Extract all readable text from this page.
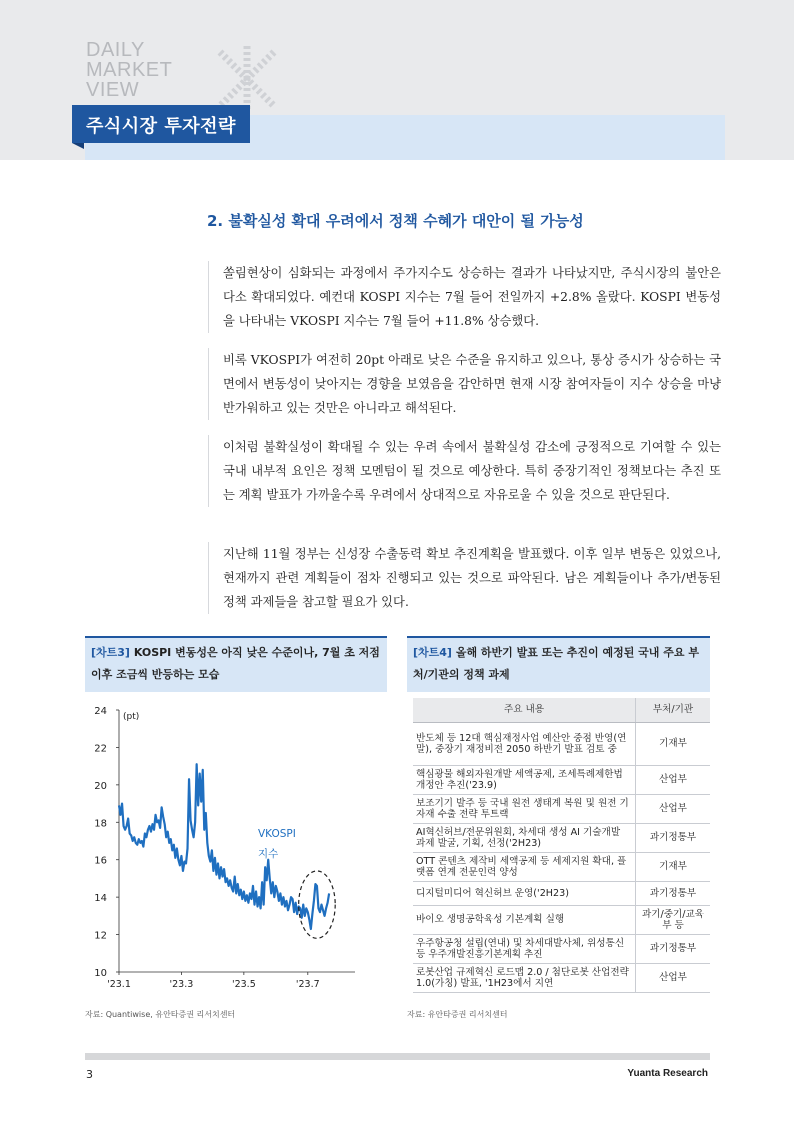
DAILY
MARKET
VIEW
주식시장 투자전략
2. 불확실성 확대 우려에서 정책 수혜가 대안이 될 가능성

쏠림현상이 심화되는 과정에서 주가지수도 상승하는 결과가 나타났지만, 주식시장의 불안은 다소 확대되었다. 예컨대 KOSPI 지수는 7월 들어 전일까지 +2.8% 올랐다. KOSPI 변동성을 나타내는 VKOSPI 지수는 7월 들어 +11.8% 상승했다.

비록 VKOSPI가 여전히 20pt 아래로 낮은 수준을 유지하고 있으나, 통상 증시가 상승하는 국면에서 변동성이 낮아지는 경향을 보였음을 감안하면 현재 시장 참여자들이 지수 상승을 마냥 반가워하고 있는 것만은 아니라고 해석된다.

이처럼 불확실성이 확대될 수 있는 우려 속에서 불확실성 감소에 긍정적으로 기여할 수 있는 국내 내부적 요인은 정책 모멘텀이 될 것으로 예상한다. 특히 중장기적인 정책보다는 추진 또는 계획 발표가 가까울수록 우려에서 상대적으로 자유로울 수 있을 것으로 판단된다.

지난해 11월 정부는 신성장 수출동력 확보 추진계획을 발표했다. 이후 일부 변동은 있었으나, 현재까지 관련 계획들이 점차 진행되고 있는 것으로 파악된다. 남은 계획들이나 추가/변동된 정책 과제들을 참고할 필요가 있다.

[차트3] KOSPI 변동성은 아직 낮은 수준이나, 7월 초 저점 이후 조금씩 반등하는 모습
10
12
14
16
18
20
22
24
'23.1	'23.3	'23.5	'23.7
(pt)
VKOSPI
지수
자료: Quantiwise, 유안타증권 리서치센터
[차트4] 올해 하반기 발표 또는 추진이 예정된 국내 주요 부처/기관의 정책 과제
주요 내용	부처/기관
반도체 등 12대 핵심재정사업 예산안 중점 반영(연말), 중장기 재정비전 2050 하반기 발표 검토 중	기재부
핵심광물 해외자원개발 세액공제, 조세특례제한법 개정안 추진('23.9)	산업부
보조기기 발주 등 국내 원전 생태계 복원 및 원전 기자재 수출 전략 투트랙	산업부
AI혁신허브/전문위원회, 차세대 생성 AI 기술개발 과제 발굴, 기획, 선정('2H23)	과기정통부
OTT 콘텐츠 제작비 세액공제 등 세제지원 확대, 플랫폼 연계 전문인력 양성	기재부
디지털미디어 혁신허브 운영('2H23)	과기정통부
바이오 생명공학육성 기본계획 실행	과기/중기/교육부 등
우주항공청 설립(연내) 및 차세대발사체, 위성통신 등 우주개발진흥기본계획 추진	과기정통부
로봇산업 규제혁신 로드맵 2.0 / 첨단로봇 산업전략 1.0(가칭) 발표, '1H23에서 지연	산업부
자료: 유안타증권 리서치센터
3	Yuanta Research
